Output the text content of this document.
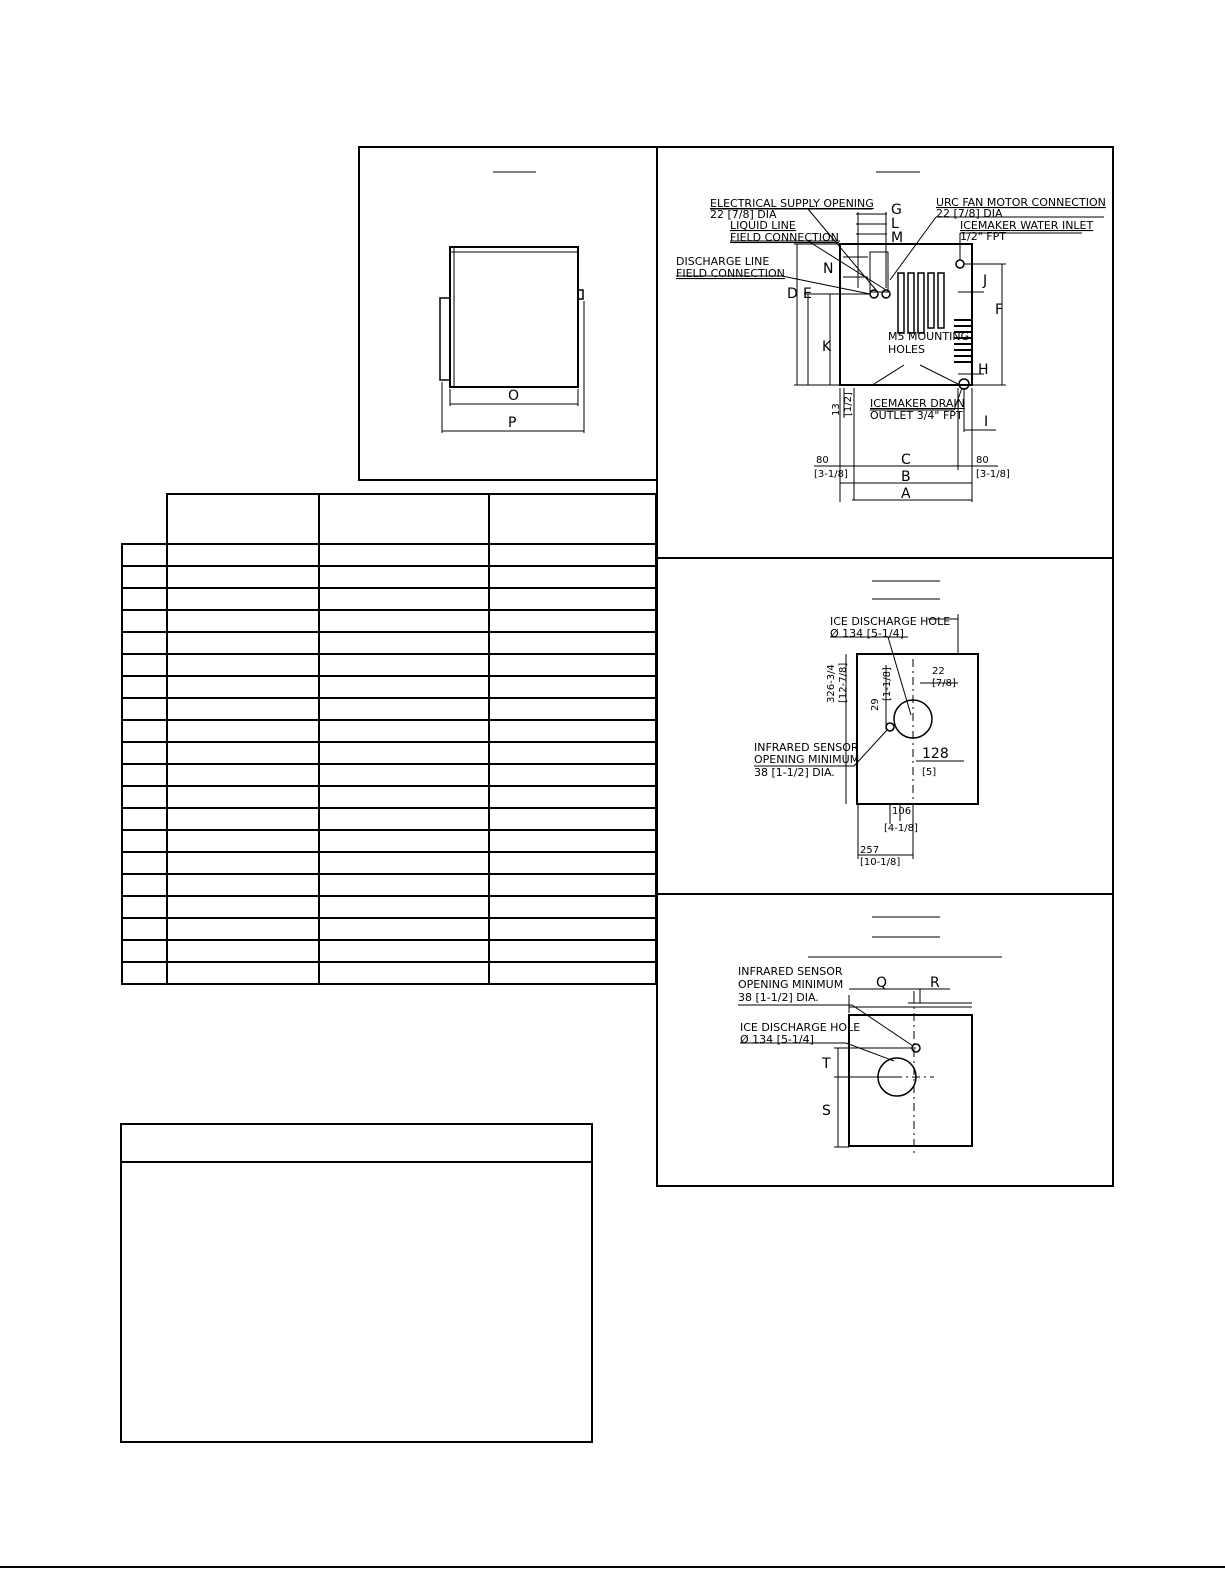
O
P
G
L
M
N
D E
K
F
J
H
I
13 [1/2]
C
B
A
80
[3-1/8]
80
[3-1/8]
ELECTRICAL SUPPLY OPENING
22 [7/8] DIA
LIQUID LINE
FIELD CONNECTION
DISCHARGE LINE
FIELD CONNECTION
URC FAN MOTOR CONNECTION
22 [7/8] DIA
ICEMAKER WATER INLET
1/2" FPT
M5 MOUNTING
HOLES
ICEMAKER DRAIN
OUTLET 3/4" FPT
ICE DISCHARGE HOLE
Ø 134 [5-1/4]
INFRARED SENSOR
OPENING MINIMUM
38 [1-1/2] DIA.
22
[7/8]
326-3/4 [12-7/8]
29
[1-1/8]
128
[5]
106
[4-1/8]
257
[10-1/8]
Q	R
T
S
INFRARED SENSOR
OPENING MINIMUM
38 [1-1/2] DIA.
ICE DISCHARGE HOLE
Ø 134 [5-1/4]
